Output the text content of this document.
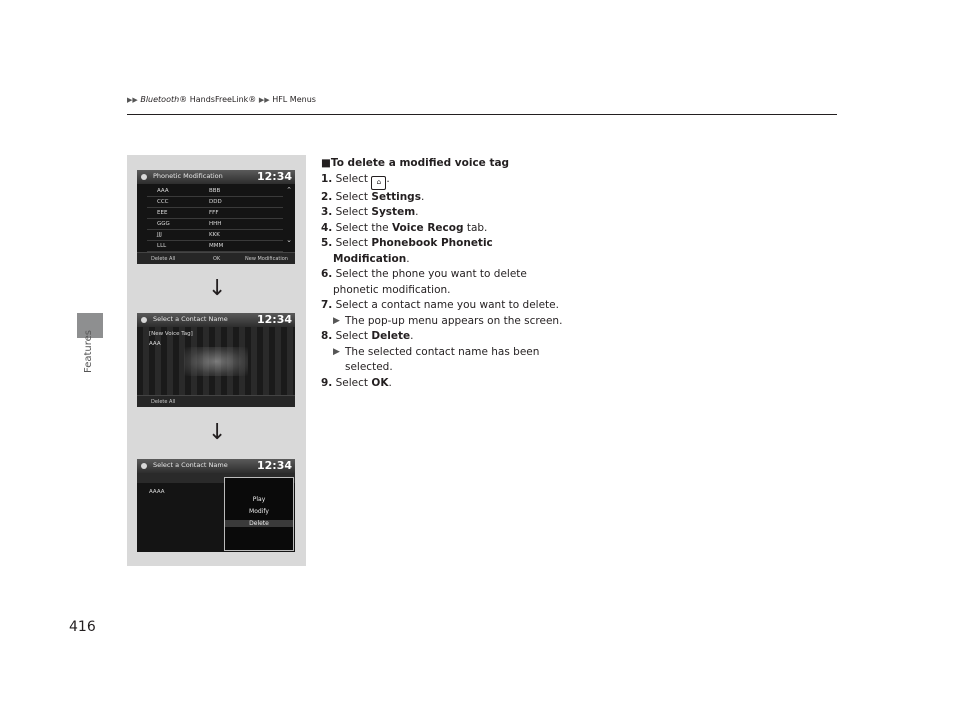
▶▶ Bluetooth® HandsFreeLink® ▶▶ HFL Menus
Features
416
Phonetic Modification	12:34
AAA	BBB
CCC	DDD
EEE	FFF
GGG	HHH
JJJ	KKK
LLL	MMM
⌃
⌄
Delete All	OK	New Modification
↓
Select a Contact Name	12:34
[New Voice Tag]
AAA
Delete All
↓
Select a Contact Name	12:34
AAAA
Play
Modify
Delete

■To delete a modified voice tag

1. Select ⌂ .

2. Select Settings.

3. Select System.

4. Select the Voice Recog tab.

5. Select Phonebook Phonetic

Modification.

6. Select the phone you want to delete

phonetic modification.

7. Select a contact name you want to delete.

▶ The pop-up menu appears on the screen.

8. Select Delete.

▶ The selected contact name has been

selected.

9. Select OK.
